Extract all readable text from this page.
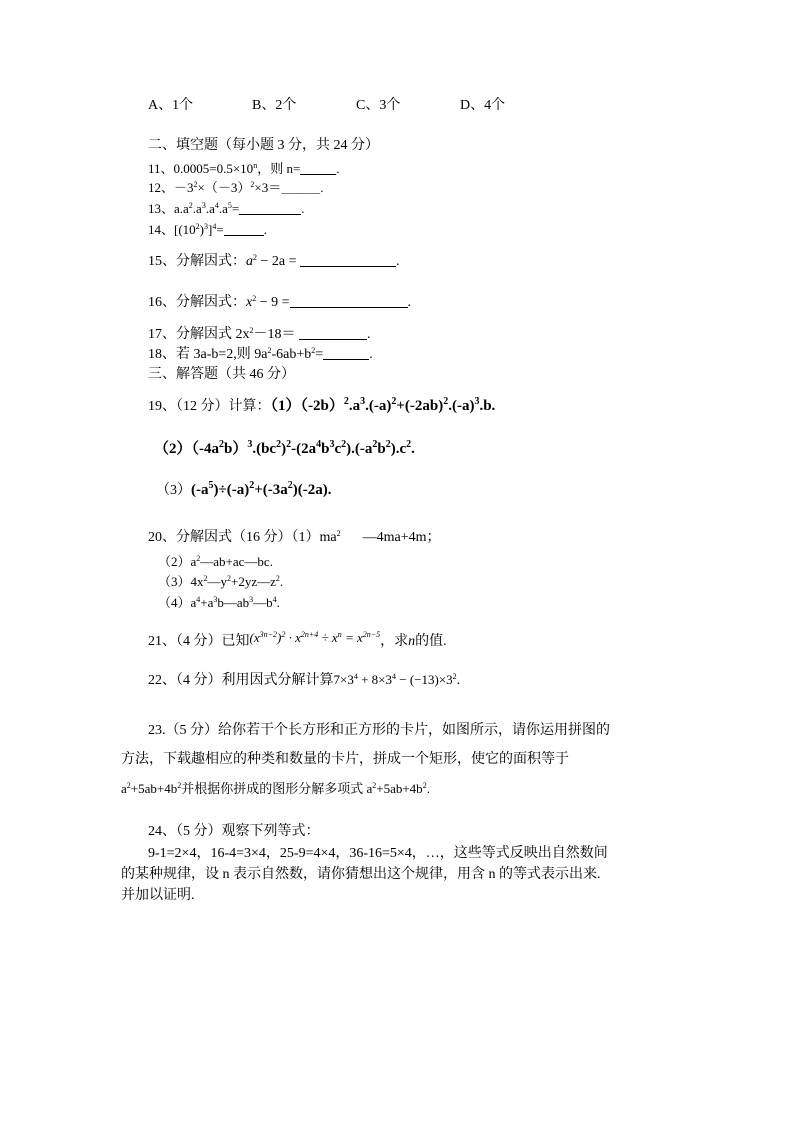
A、1个	B、2个	C、3个	D、4个
二、填空题（每小题 3 分，共 24 分）
11、$0.0005=0.5\times 10^n$，则 n=	.
12、$-3^2\times(-3)^2\times 3=\_\_\_$.
13、$a.a^2.a^3.a^4.a^5=$	.
14、$[(10^2)^3]^4=$	.
15、分解因式：$a^2 - 2a$ =	.
16、分解因式：$x^2 - 9$ =	.
17、分解因式 $2x^2-18=$	.
18、若 3a-b=2,则 $9a^2-6ab+b^2=$	.
三、解答题（共 46 分）
19、（12 分）计算：$(1)(-2b)^2.a^3.(-a)^2+(-2ab)^2.(-a)^3.b$.
$(2)(-4a^2b)^3.(bc^2)^2-(2a^4b^3c^2).(-a^2b^2).c^2$.
$(3)(-a^5)\div(-a)^2+(-3a^2)(-2a)$.
20、分解因式（16 分）$(1)ma^2$ —4ma+4m；
$(2)a^2—ab+ac—bc$.
$(3)4x^2—y^2+2yz—z^2$.
$(4)a^4+a^3b—ab^3—b^4$.
21、（4 分）已知$(x^{3n-2})^2 \cdot x^{2n+4} \div x^n = x^{2n-5}$，求n的值.
22、（4 分）利用因式分解计算$7\times 3^4 + 8\times 3^4 - (-13)\times 3^2$.
23.（5 分）给你若干个长方形和正方形的卡片，如图所示，请你运用拼图的
方法，下载趣相应的种类和数量的卡片，拼成一个矩形，使它的面积等于
$a^2+5ab+4b^2$并根据你拼成的图形分解多项式 $a^2+5ab+4b^2$.
24、（5 分）观察下列等式：
9-1=2×4，16-4=3×4，25-9=4×4，36-16=5×4，…，这些等式反映出自然数间
的某种规律，设 n 表示自然数，请你猜想出这个规律，用含 n 的等式表示出来.
并加以证明.
